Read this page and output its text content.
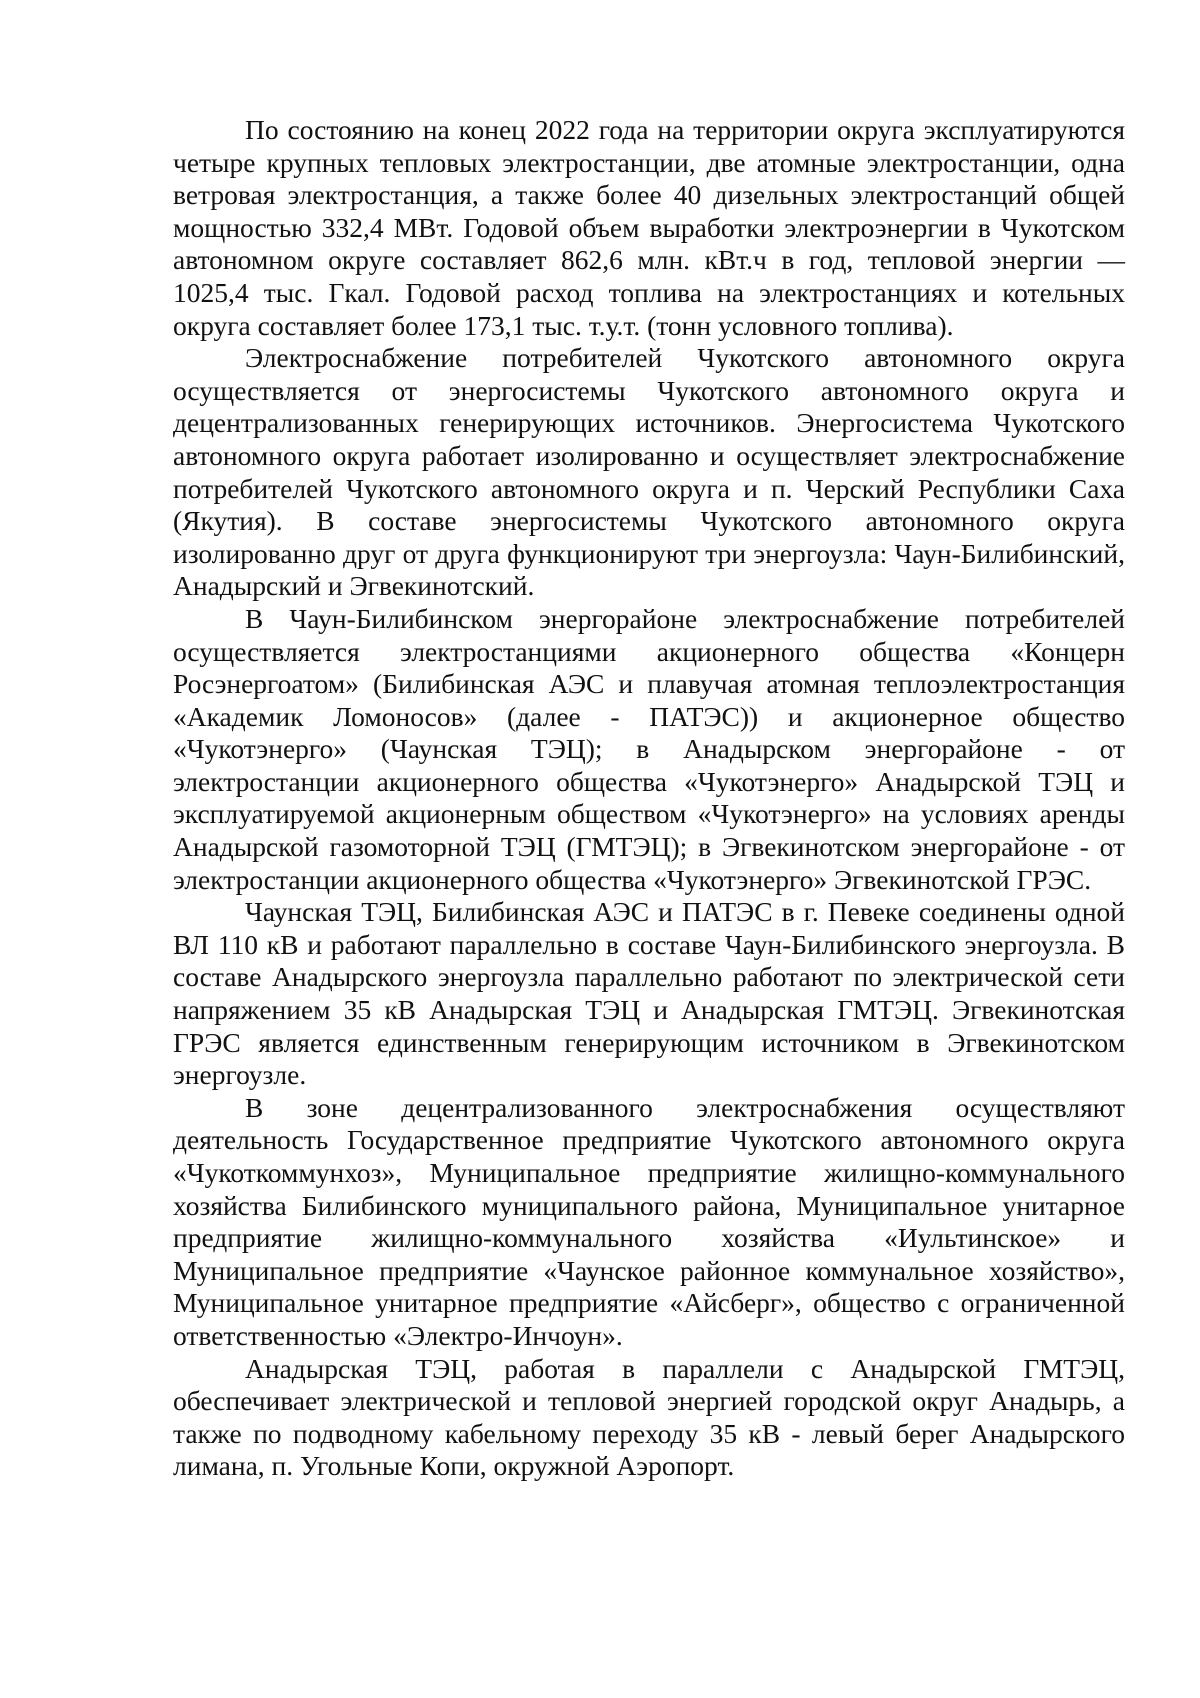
По состоянию на конец 2022 года на территории округа эксплуатируются четыре крупных тепловых электростанции, две атомные электростанции, одна ветровая электростанция, а также более 40 дизельных электростанций общей мощностью 332,4 МВт. Годовой объем выработки электроэнергии в Чукотском автономном округе составляет 862,6 млн. кВт.ч в год, тепловой энергии — 1025,4 тыс. Гкал. Годовой расход топлива на электростанциях и котельных округа составляет более 173,1 тыс. т.у.т. (тонн условного топлива).

Электроснабжение потребителей Чукотского автономного округа осуществляется от энергосистемы Чукотского автономного округа и децентрализованных генерирующих источников. Энергосистема Чукотского автономного округа работает изолированно и осуществляет электроснабжение потребителей Чукотского автономного округа и п. Черский Республики Саха (Якутия). В составе энергосистемы Чукотского автономного округа изолированно друг от друга функционируют три энергоузла: Чаун-Билибинский, Анадырский и Эгвекинотский.

В Чаун-Билибинском энергорайоне электроснабжение потребителей осуществляется электростанциями акционерного общества «Концерн Росэнергоатом» (Билибинская АЭС и плавучая атомная теплоэлектростанция «Академик Ломоносов» (далее - ПАТЭС)) и акционерное общество «Чукотэнерго» (Чаунская ТЭЦ); в Анадырском энергорайоне - от электростанции акционерного общества «Чукотэнерго» Анадырской ТЭЦ и эксплуатируемой акционерным обществом «Чукотэнерго» на условиях аренды Анадырской газомоторной ТЭЦ (ГМТЭЦ); в Эгвекинотском энергорайоне - от электростанции акционерного общества «Чукотэнерго» Эгвекинотской ГРЭС.

Чаунская ТЭЦ, Билибинская АЭС и ПАТЭС в г. Певеке соединены одной ВЛ 110 кВ и работают параллельно в составе Чаун-Билибинского энергоузла. В составе Анадырского энергоузла параллельно работают по электрической сети напряжением 35 кВ Анадырская ТЭЦ и Анадырская ГМТЭЦ. Эгвекинотская ГРЭС является единственным генерирующим источником в Эгвекинотском энергоузле.

В зоне децентрализованного электроснабжения осуществляют деятельность Государственное предприятие Чукотского автономного округа «Чукоткоммунхоз», Муниципальное предприятие жилищно-коммунального хозяйства Билибинского муниципального района, Муниципальное унитарное предприятие жилищно-коммунального хозяйства «Иультинское» и Муниципальное предприятие «Чаунское районное коммунальное хозяйство», Муниципальное унитарное предприятие «Айсберг», общество с ограниченной ответственностью «Электро-Инчоун».

Анадырская ТЭЦ, работая в параллели с Анадырской ГМТЭЦ, обеспечивает электрической и тепловой энергией городской округ Анадырь, а также по подводному кабельному переходу 35 кВ - левый берег Анадырского лимана, п. Угольные Копи, окружной Аэропорт.
